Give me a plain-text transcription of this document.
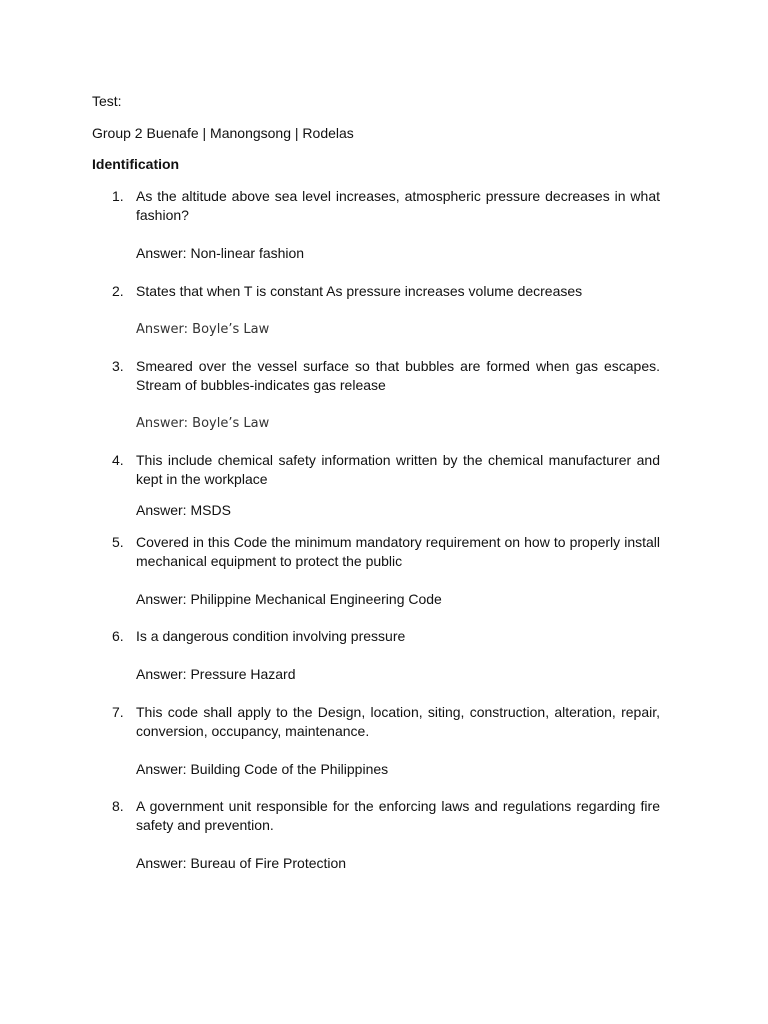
Test:
Group 2 Buenafe | Manongsong | Rodelas
Identification
1. As the altitude above sea level increases, atmospheric pressure decreases in what fashion?
Answer: Non-linear fashion
2. States that when T is constant As pressure increases volume decreases
Answer: Boyle’s Law
3. Smeared over the vessel surface so that bubbles are formed when gas escapes. Stream of bubbles-indicates gas release
Answer: Boyle’s Law
4. This include chemical safety information written by the chemical manufacturer and kept in the workplace
Answer: MSDS
5. Covered in this Code the minimum mandatory requirement on how to properly install mechanical equipment to protect the public
Answer: Philippine Mechanical Engineering Code
6. Is a dangerous condition involving pressure
Answer: Pressure Hazard
7. This code shall apply to the Design, location, siting, construction, alteration, repair, conversion, occupancy, maintenance.
Answer: Building Code of the Philippines
8. A government unit responsible for the enforcing laws and regulations regarding fire safety and prevention.
Answer: Bureau of Fire Protection
